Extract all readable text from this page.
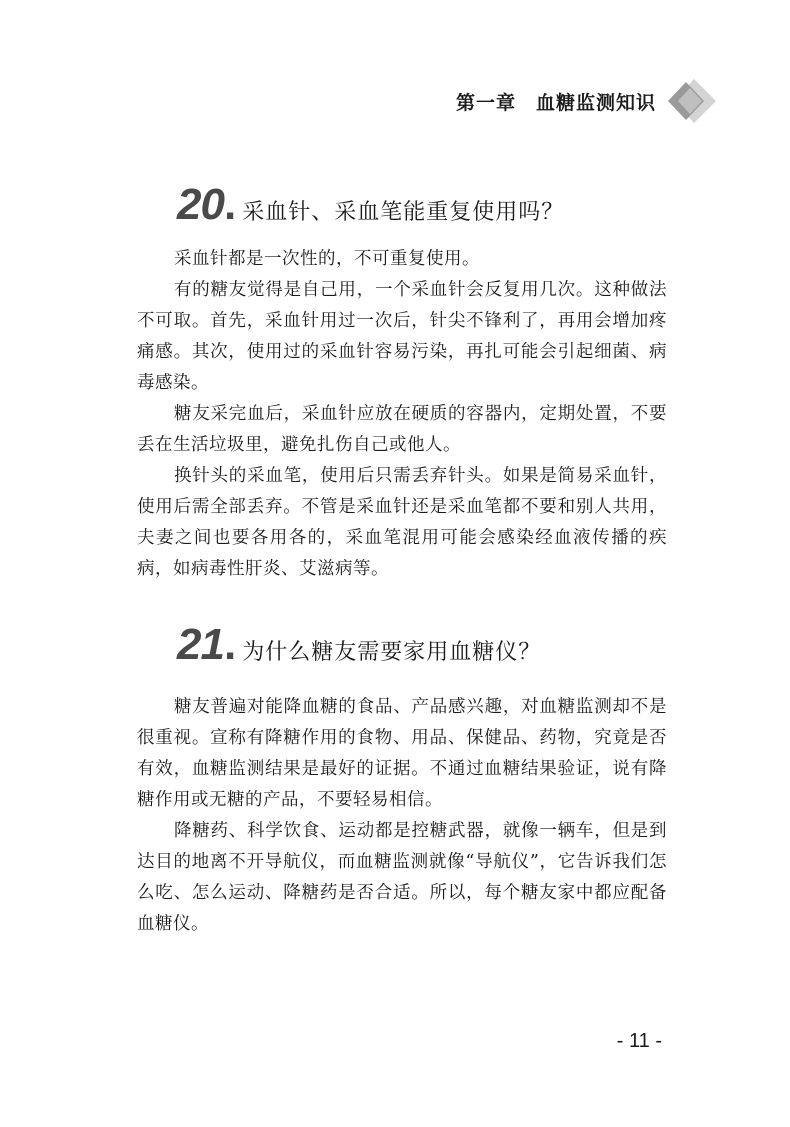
第一章　血糖监测知识
20 . 采血针、采血笔能重复使用吗？

采血针都是一次性的，不可重复使用。

有的糖友觉得是自己用，一个采血针会反复用几次。这种做法不可取。首先，采血针用过一次后，针尖不锋利了，再用会增加疼痛感。其次，使用过的采血针容易污染，再扎可能会引起细菌、病毒感染。

糖友采完血后，采血针应放在硬质的容器内，定期处置，不要丢在生活垃圾里，避免扎伤自己或他人。

换针头的采血笔，使用后只需丢弃针头。如果是简易采血针，使用后需全部丢弃。不管是采血针还是采血笔都不要和别人共用，夫妻之间也要各用各的，采血笔混用可能会感染经血液传播的疾病，如病毒性肝炎、艾滋病等。

21 . 为什么糖友需要家用血糖仪？

糖友普遍对能降血糖的食品、产品感兴趣，对血糖监测却不是很重视。宣称有降糖作用的食物、用品、保健品、药物，究竟是否有效，血糖监测结果是最好的证据。不通过血糖结果验证，说有降糖作用或无糖的产品，不要轻易相信。

降糖药、科学饮食、运动都是控糖武器，就像一辆车，但是到达目的地离不开导航仪，而血糖监测就像“导航仪”，它告诉我们怎么吃、怎么运动、降糖药是否合适。所以，每个糖友家中都应配备血糖仪。

- 11 -
